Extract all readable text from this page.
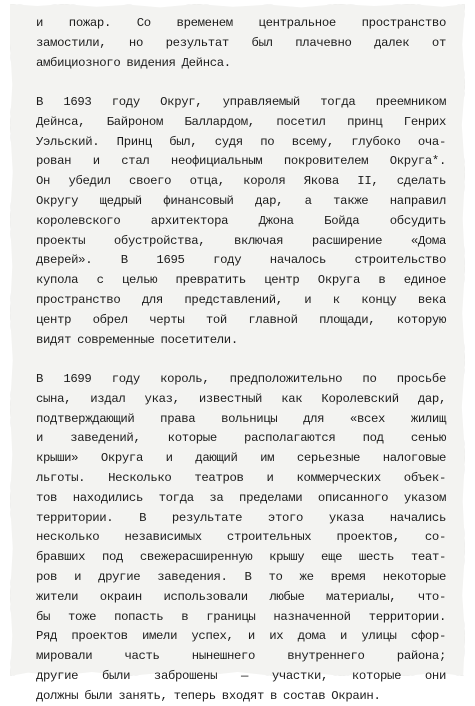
и пожар. Со временем центральное пространство
замостили, но результат был плачевно далек от
амбициозного видения Дейнса.
В 1693 году Округ, управляемый тогда преемником
Дейнса, Байроном Баллардом, посетил принц Генрих
Уэльский. Принц был, судя по всему, глубоко оча-
рован и стал неофициальным покровителем Округа*.
Он убедил своего отца, короля Якова II, сделать
Округу щедрый финансовый дар, а также направил
королевского архитектора Джона Бойда обсудить
проекты обустройства, включая расширение «Дома
дверей». В 1695 году началось строительство
купола с целью превратить центр Округа в единое
пространство для представлений, и к концу века
центр обрел черты той главной площади, которую
видят современные посетители.
В 1699 году король, предположительно по просьбе
сына, издал указ, известный как Королевский дар,
подтверждающий права вольницы для «всех жилищ
и заведений, которые располагаются под сенью
крыши» Округа и дающий им серьезные налоговые
льготы. Несколько театров и коммерческих объек-
тов находились тогда за пределами описанного указом
территории. В результате этого указа начались
несколько независимых строительных проектов, со-
бравших под свежерасширенную крышу еще шесть теат-
ров и другие заведения. В то же время некоторые
жители окраин использовали любые материалы, что-
бы тоже попасть в границы назначенной территории.
Ряд проектов имели успех, и их дома и улицы сфор-
мировали часть нынешнего внутреннего района;
другие были заброшены — участки, которые они
должны были занять, теперь входят в состав Окраин.
